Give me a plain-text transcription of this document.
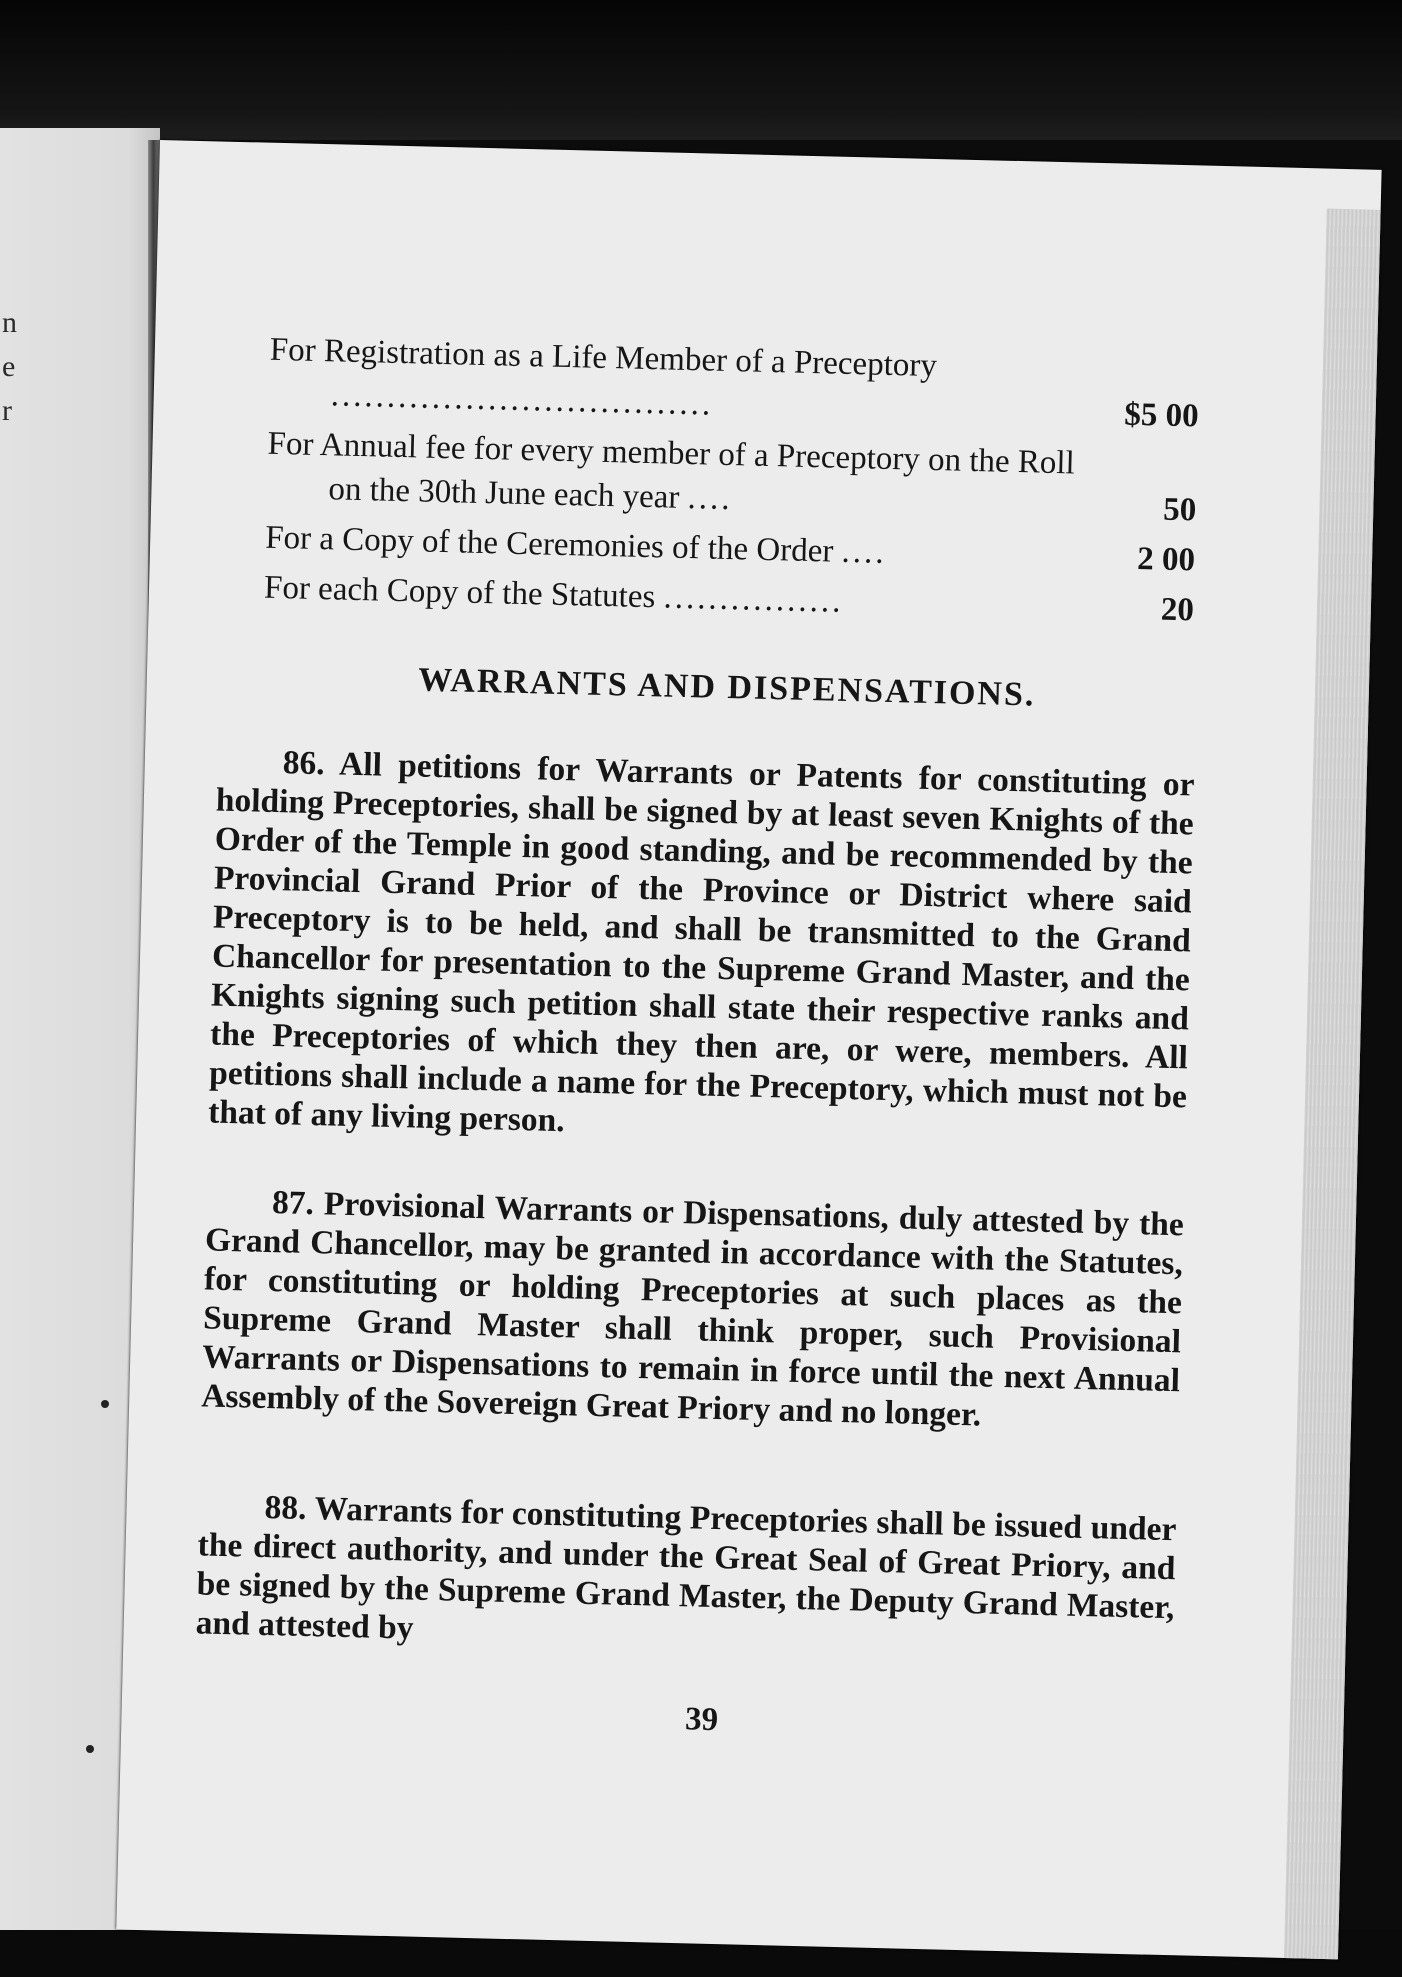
n
e
r
For Registration as a Life Member of a Preceptory ..................................	$5 00
For Annual fee for every member of a Preceptory on the Roll on the 30th June each year ....	50
For a Copy of the Ceremonies of the Order ....	2 00
For each Copy of the Statutes ................	20
WARRANTS AND DISPENSATIONS.

86. All petitions for Warrants or Patents for constituting or holding Preceptories, shall be signed by at least seven Knights of the Order of the Temple in good standing, and be recommended by the Provincial Grand Prior of the Province or District where said Preceptory is to be held, and shall be transmitted to the Grand Chancellor for presentation to the Supreme Grand Master, and the Knights signing such petition shall state their respective ranks and the Preceptories of which they then are, or were, members. All petitions shall include a name for the Preceptory, which must not be that of any living person.

87. Provisional Warrants or Dispensations, duly attested by the Grand Chancellor, may be granted in accordance with the Statutes, for constituting or holding Preceptories at such places as the Supreme Grand Master shall think proper, such Provisional Warrants or Dispensations to remain in force until the next Annual Assembly of the Sovereign Great Priory and no longer.

88. Warrants for constituting Preceptories shall be issued under the direct authority, and under the Great Seal of Great Priory, and be signed by the Supreme Grand Master, the Deputy Grand Master, and attested by

39
